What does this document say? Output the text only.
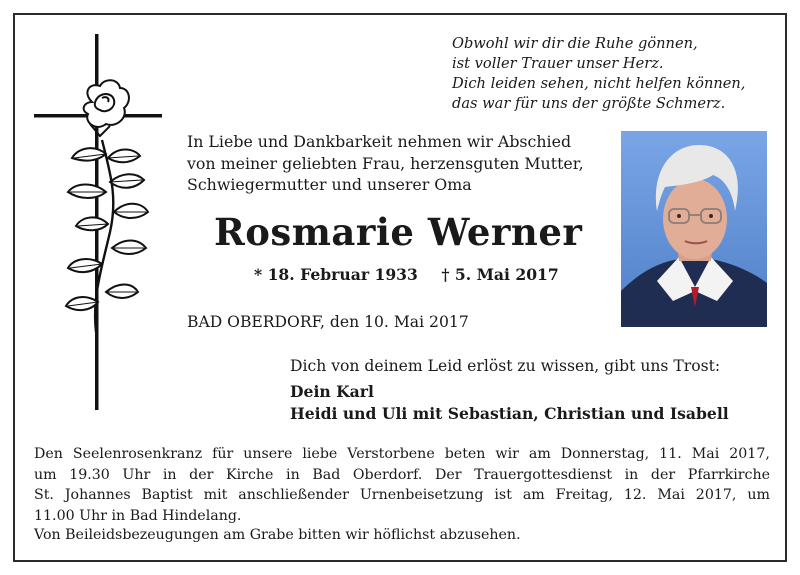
Obwohl wir dir die Ruhe gönnen,
ist voller Trauer unser Herz.
Dich leiden sehen, nicht helfen können,
das war für uns der größte Schmerz.
In Liebe und Dankbarkeit nehmen wir Abschied
von meiner geliebten Frau, herzensguten Mutter,
Schwiegermutter und unserer Oma
Rosmarie Werner
* 18. Februar 1933 † 5. Mai 2017
BAD OBERDORF, den 10. Mai 2017
Dich von deinem Leid erlöst zu wissen, gibt uns Trost:
Dein Karl
Heidi und Uli mit Sebastian, Christian und Isabell
Den Seelenrosenkranz für unsere liebe Verstorbene beten wir am Donnerstag, 11. Mai 2017,
um 19.30 Uhr in der Kirche in Bad Oberdorf. Der Trauergottesdienst in der Pfarrkirche
St. Johannes Baptist mit anschließender Urnenbeisetzung ist am Freitag, 12. Mai 2017, um
11.00 Uhr in Bad Hindelang.
Von Beileidsbezeugungen am Grabe bitten wir höflichst abzusehen.
